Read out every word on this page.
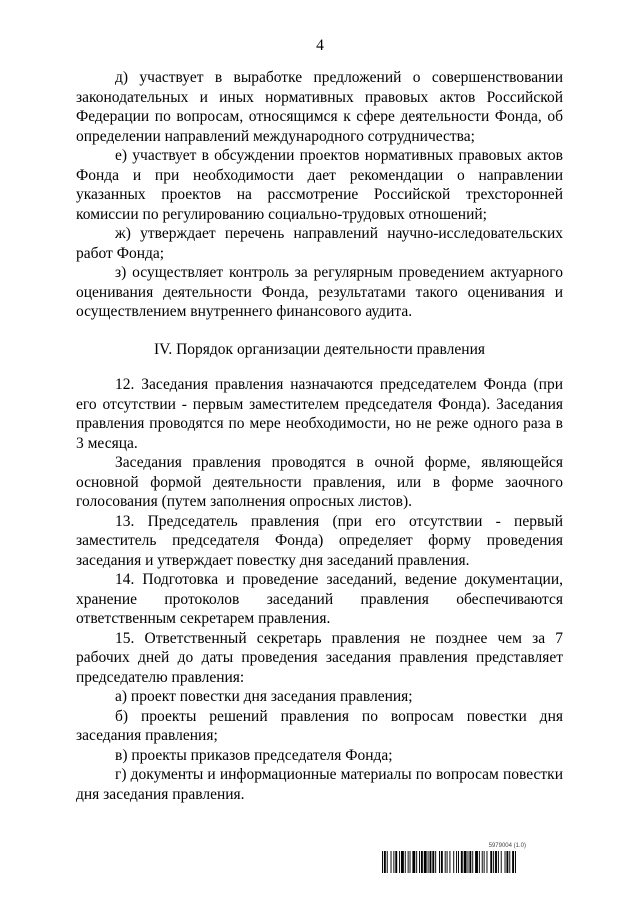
4

д) участвует в выработке предложений о совершенствовании законодательных и иных нормативных правовых актов Российской Федерации по вопросам, относящимся к сфере деятельности Фонда, об определении направлений международного сотрудничества;

е) участвует в обсуждении проектов нормативных правовых актов Фонда и при необходимости дает рекомендации о направлении указанных проектов на рассмотрение Российской трехсторонней комиссии по регулированию социально-трудовых отношений;

ж) утверждает перечень направлений научно-исследовательских работ Фонда;

з) осуществляет контроль за регулярным проведением актуарного оценивания деятельности Фонда, результатами такого оценивания и осуществлением внутреннего финансового аудита.

IV. Порядок организации деятельности правления

12. Заседания правления назначаются председателем Фонда (при его отсутствии - первым заместителем председателя Фонда). Заседания правления проводятся по мере необходимости, но не реже одного раза в 3 месяца.

Заседания правления проводятся в очной форме, являющейся основной формой деятельности правления, или в форме заочного голосования (путем заполнения опросных листов).

13. Председатель правления (при его отсутствии - первый заместитель председателя Фонда) определяет форму проведения заседания и утверждает повестку дня заседаний правления.

14. Подготовка и проведение заседаний, ведение документации, хранение протоколов заседаний правления обеспечиваются ответственным секретарем правления.

15. Ответственный секретарь правления не позднее чем за 7 рабочих дней до даты проведения заседания правления представляет председателю правления:

а) проект повестки дня заседания правления;

б) проекты решений правления по вопросам повестки дня заседания правления;

в) проекты приказов председателя Фонда;

г) документы и информационные материалы по вопросам повестки дня заседания правления.

5979004 (1.0)
